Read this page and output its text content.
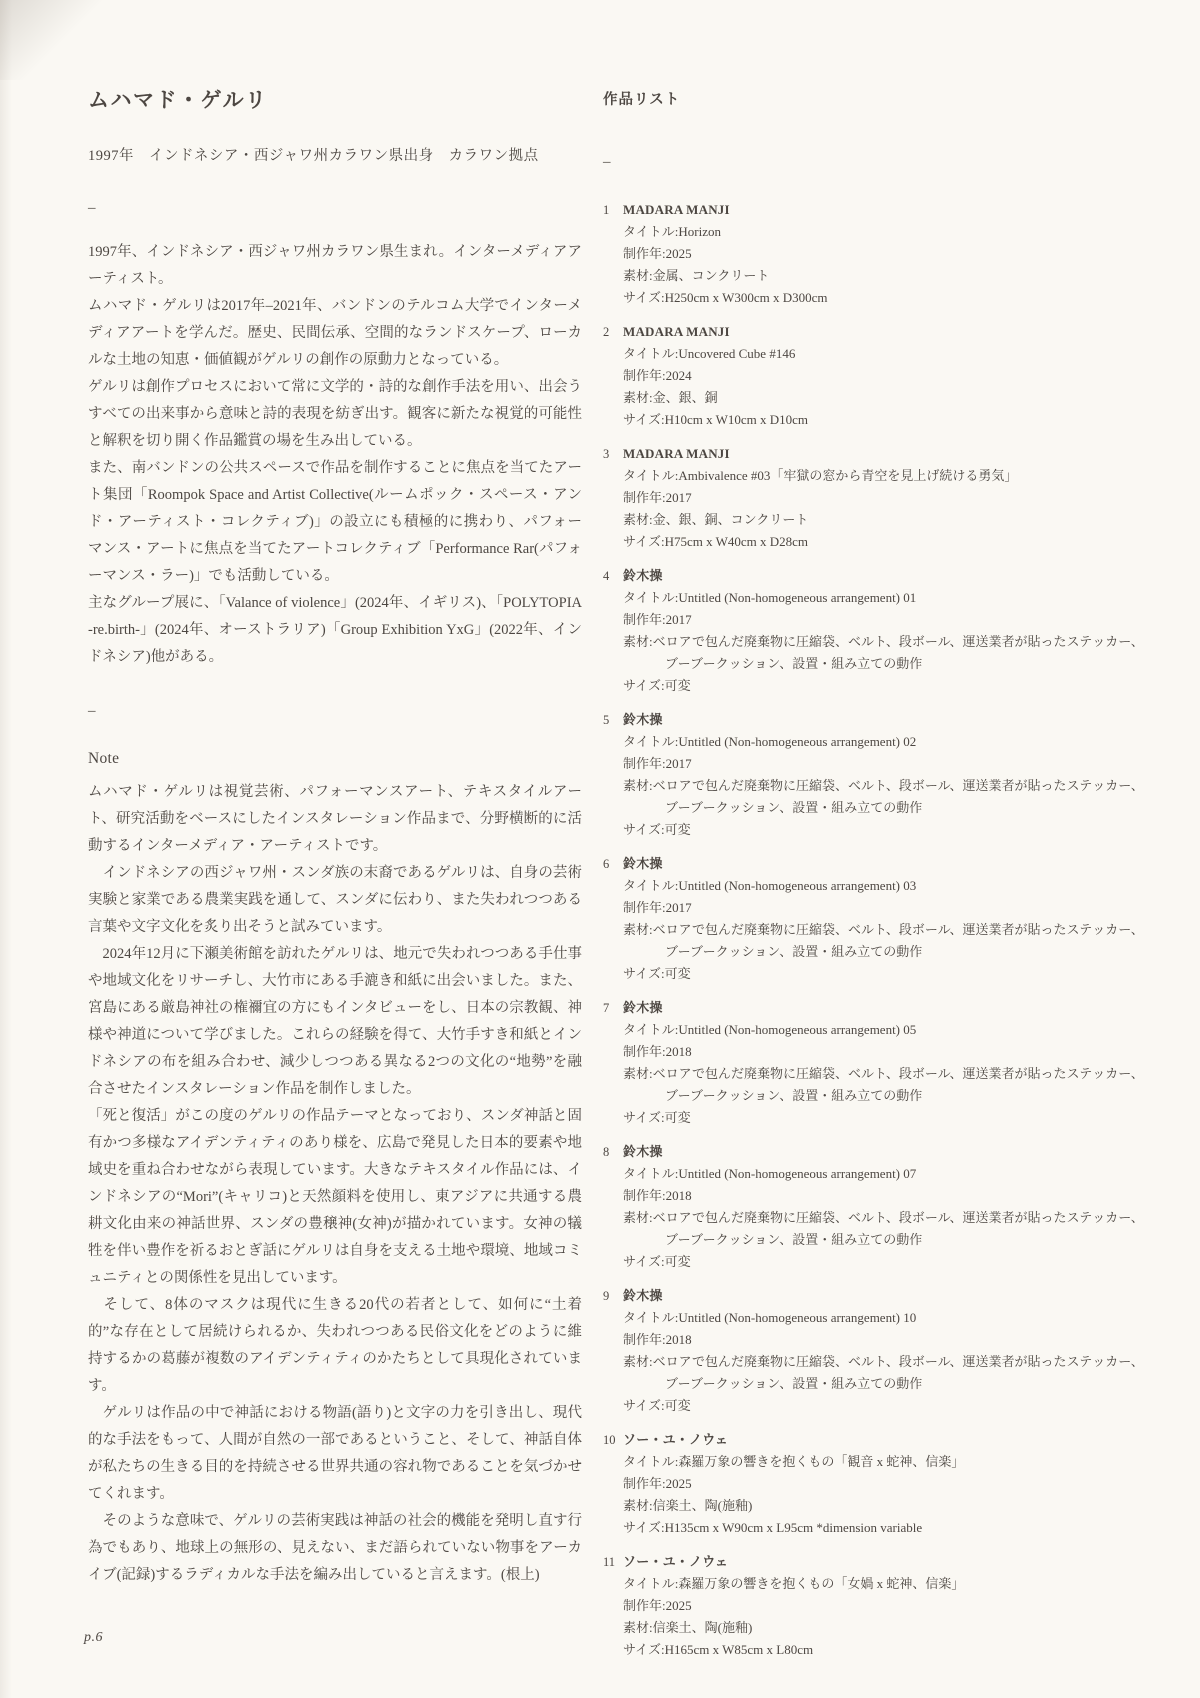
ムハマド・ゲルリ
1997年　インドネシア・西ジャワ州カラワン県出身　カラワン拠点
–

1997年、インドネシア・西ジャワ州カラワン県生まれ。インターメディアアーティスト。

ムハマド・ゲルリは2017年–2021年、バンドンのテルコム大学でインターメディアアートを学んだ。歴史、民間伝承、空間的なランドスケープ、ローカルな土地の知恵・価値観がゲルリの創作の原動力となっている。

ゲルリは創作プロセスにおいて常に文学的・詩的な創作手法を用い、出会うすべての出来事から意味と詩的表現を紡ぎ出す。観客に新たな視覚的可能性と解釈を切り開く作品鑑賞の場を生み出している。

また、南バンドンの公共スペースで作品を制作することに焦点を当てたアート集団「Roompok Space and Artist Collective(ルームポック・スペース・アンド・アーティスト・コレクティブ)」の設立にも積極的に携わり、パフォーマンス・アートに焦点を当てたアートコレクティブ「Performance Rar(パフォーマンス・ラー)」でも活動している。

主なグループ展に、「Valance of violence」(2024年、イギリス)、「POLYTOPIA -re.birth-」(2024年、オーストラリア)「Group Exhibition YxG」(2022年、インドネシア)他がある。

–
Note

ムハマド・ゲルリは視覚芸術、パフォーマンスアート、テキスタイルアート、研究活動をベースにしたインスタレーション作品まで、分野横断的に活動するインターメディア・アーティストです。

　インドネシアの西ジャワ州・スンダ族の末裔であるゲルリは、自身の芸術実験と家業である農業実践を通して、スンダに伝わり、また失われつつある言葉や文字文化を炙り出そうと試みています。

　2024年12月に下瀬美術館を訪れたゲルリは、地元で失われつつある手仕事や地域文化をリサーチし、大竹市にある手漉き和紙に出会いました。また、宮島にある厳島神社の権禰宜の方にもインタビューをし、日本の宗教観、神様や神道について学びました。これらの経験を得て、大竹手すき和紙とインドネシアの布を組み合わせ、減少しつつある異なる2つの文化の“地勢”を融合させたインスタレーション作品を制作しました。

「死と復活」がこの度のゲルリの作品テーマとなっており、スンダ神話と固有かつ多様なアイデンティティのあり様を、広島で発見した日本的要素や地域史を重ね合わせながら表現しています。大きなテキスタイル作品には、インドネシアの“Mori”(キャリコ)と天然顔料を使用し、東アジアに共通する農耕文化由来の神話世界、スンダの豊穣神(女神)が描かれています。女神の犠牲を伴い豊作を祈るおとぎ話にゲルリは自身を支える土地や環境、地域コミュニティとの関係性を見出しています。

　そして、8体のマスクは現代に生きる20代の若者として、如何に“土着的”な存在として居続けられるか、失われつつある民俗文化をどのように維持するかの葛藤が複数のアイデンティティのかたちとして具現化されています。

　ゲルリは作品の中で神話における物語(語り)と文字の力を引き出し、現代的な手法をもって、人間が自然の一部であるということ、そして、神話自体が私たちの生きる目的を持続させる世界共通の容れ物であることを気づかせてくれます。

　そのような意味で、ゲルリの芸術実践は神話の社会的機能を発明し直す行為でもあり、地球上の無形の、見えない、まだ語られていない物事をアーカイブ(記録)するラディカルな手法を編み出していると言えます。(根上)

p.6
作品リスト
–
1 MADARA MANJI
タイトル:Horizon
制作年:2025
素材:金属、コンクリート
サイズ:H250cm x W300cm x D300cm
2 MADARA MANJI
タイトル:Uncovered Cube #146
制作年:2024
素材:金、銀、銅
サイズ:H10cm x W10cm x D10cm
3 MADARA MANJI
タイトル:Ambivalence #03「牢獄の窓から青空を見上げ続ける勇気」
制作年:2017
素材:金、銀、銅、コンクリート
サイズ:H75cm x W40cm x D28cm
4 鈴木操
タイトル:Untitled (Non-homogeneous arrangement) 01
制作年:2017
素材:ベロアで包んだ廃棄物に圧縮袋、ベルト、段ボール、運送業者が貼ったステッカー、
ブーブークッション、設置・組み立ての動作
サイズ:可変
5 鈴木操
タイトル:Untitled (Non-homogeneous arrangement) 02
制作年:2017
素材:ベロアで包んだ廃棄物に圧縮袋、ベルト、段ボール、運送業者が貼ったステッカー、
ブーブークッション、設置・組み立ての動作
サイズ:可変
6 鈴木操
タイトル:Untitled (Non-homogeneous arrangement) 03
制作年:2017
素材:ベロアで包んだ廃棄物に圧縮袋、ベルト、段ボール、運送業者が貼ったステッカー、
ブーブークッション、設置・組み立ての動作
サイズ:可変
7 鈴木操
タイトル:Untitled (Non-homogeneous arrangement) 05
制作年:2018
素材:ベロアで包んだ廃棄物に圧縮袋、ベルト、段ボール、運送業者が貼ったステッカー、
ブーブークッション、設置・組み立ての動作
サイズ:可変
8 鈴木操
タイトル:Untitled (Non-homogeneous arrangement) 07
制作年:2018
素材:ベロアで包んだ廃棄物に圧縮袋、ベルト、段ボール、運送業者が貼ったステッカー、
ブーブークッション、設置・組み立ての動作
サイズ:可変
9 鈴木操
タイトル:Untitled (Non-homogeneous arrangement) 10
制作年:2018
素材:ベロアで包んだ廃棄物に圧縮袋、ベルト、段ボール、運送業者が貼ったステッカー、
ブーブークッション、設置・組み立ての動作
サイズ:可変
10 ソー・ユ・ノウェ
タイトル:森羅万象の響きを抱くもの「観音 x 蛇神、信楽」
制作年:2025
素材:信楽土、陶(施釉)
サイズ:H135cm x W90cm x L95cm *dimension variable
11 ソー・ユ・ノウェ
タイトル:森羅万象の響きを抱くもの「女媧 x 蛇神、信楽」
制作年:2025
素材:信楽土、陶(施釉)
サイズ:H165cm x W85cm x L80cm
